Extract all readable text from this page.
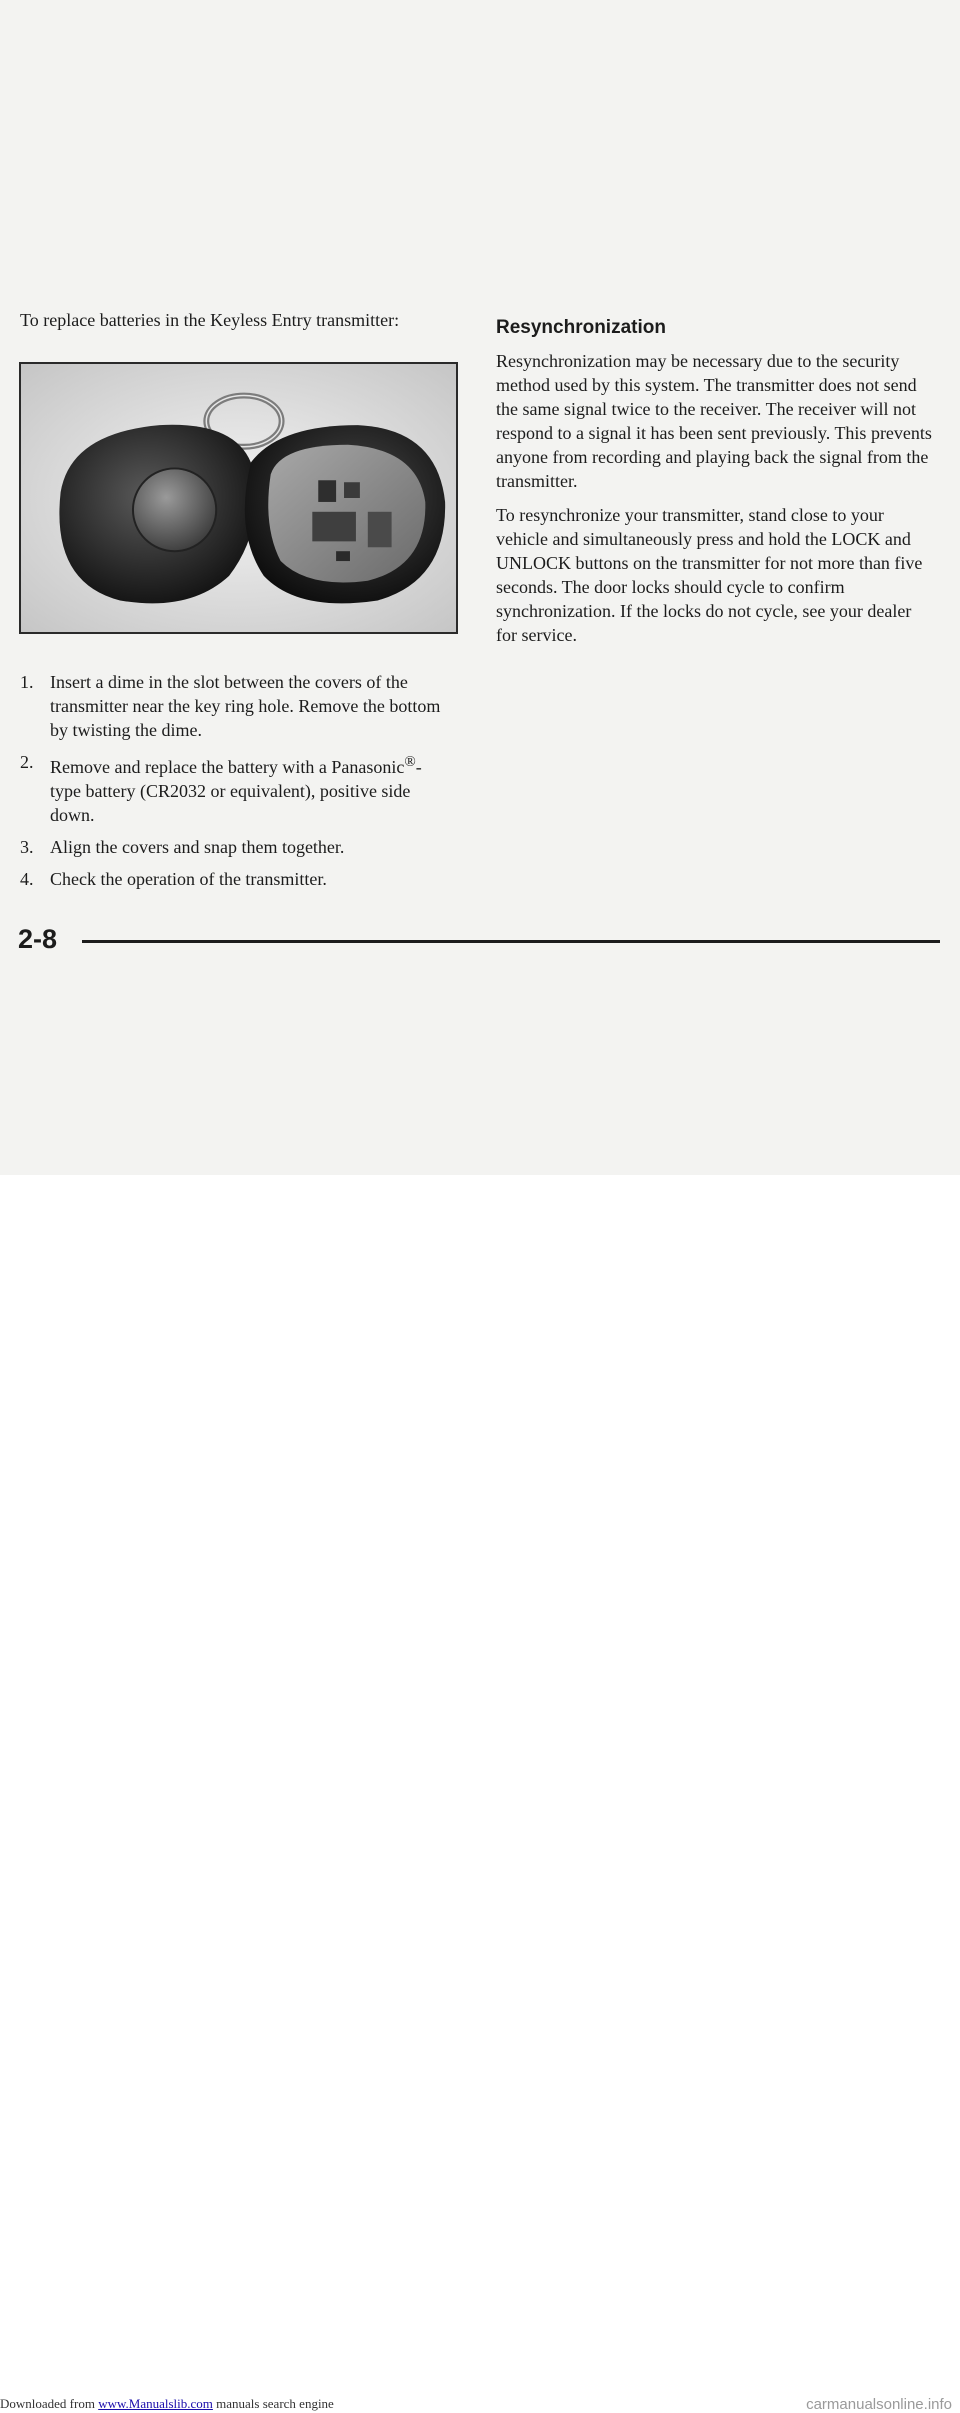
To replace batteries in the Keyless Entry transmitter:

1. Insert a dime in the slot between the covers of the transmitter near the key ring hole. Remove the bottom by twisting the dime.
2. Remove and replace the battery with a Panasonic®-type battery (CR2032 or equivalent), positive side down.
3. Align the covers and snap them together.
4. Check the operation of the transmitter.
Resynchronization

Resynchronization may be necessary due to the security method used by this system. The transmitter does not send the same signal twice to the receiver. The receiver will not respond to a signal it has been sent previously. This prevents anyone from recording and playing back the signal from the transmitter.

To resynchronize your transmitter, stand close to your vehicle and simultaneously press and hold the LOCK and UNLOCK buttons on the transmitter for not more than five seconds. The door locks should cycle to confirm synchronization. If the locks do not cycle, see your dealer for service.

2-8
Downloaded from www.Manualslib.com manuals search engine	carmanualsonline.info
